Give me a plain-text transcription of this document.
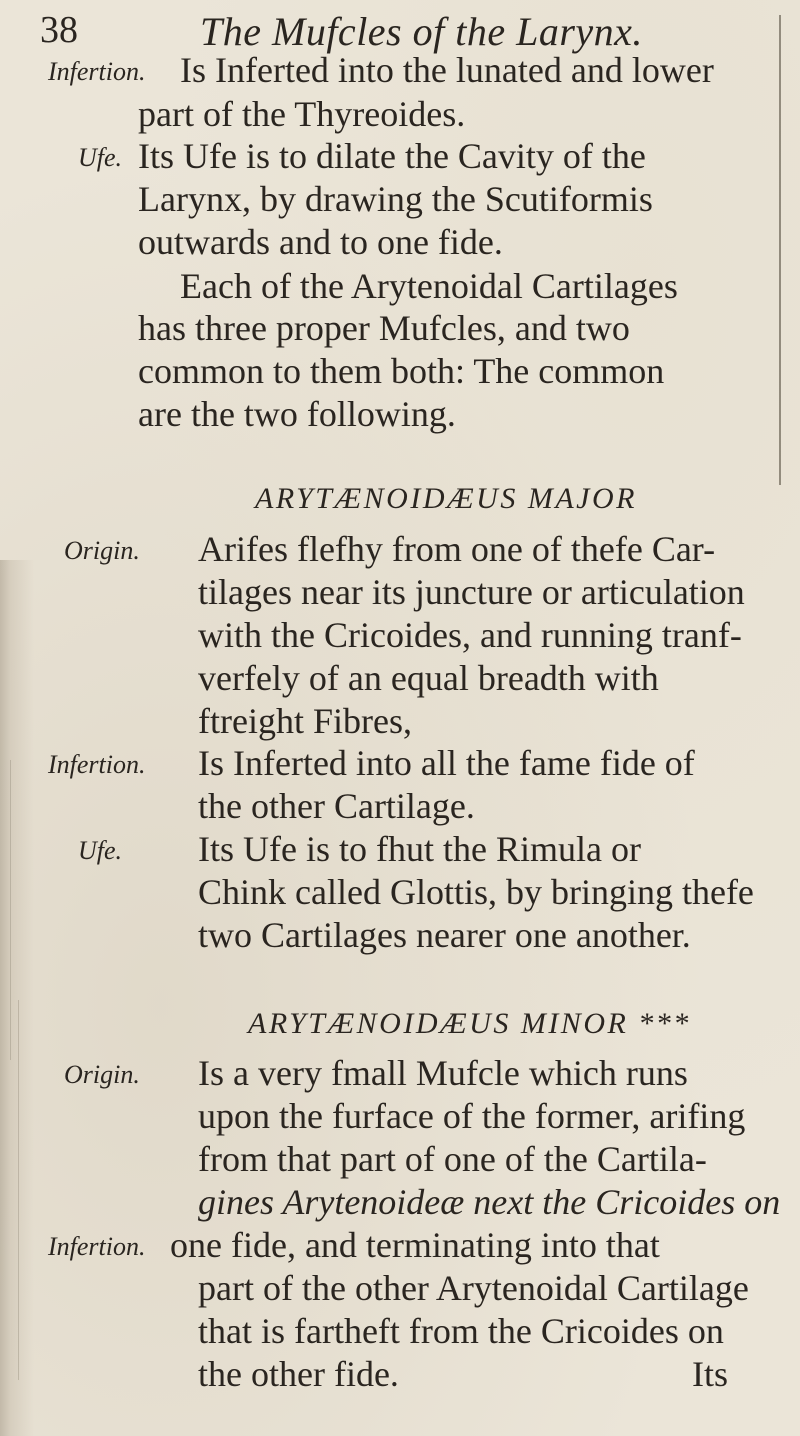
38	The Mufcles of the Larynx.
Infertion. Is Inferted into the lunated and lower
part of the Thyreoides.
Ufe. Its Ufe is to dilate the Cavity of the
Larynx, by drawing the Scutiformis
outwards and to one fide.
Each of the Arytenoidal Cartilages
has three proper Mufcles, and two
common to them both: The common
are the two following.
ARYTÆNOIDÆUS MAJOR
Origin. Arifes flefhy from one of thefe Car-
tilages near its juncture or articulation
with the Cricoides, and running tranf-
verfely of an equal breadth with
ftreight Fibres,
Infertion. Is Inferted into all the fame fide of
the other Cartilage.
Ufe. Its Ufe is to fhut the Rimula or
Chink called Glottis, by bringing thefe
two Cartilages nearer one another.
ARYTÆNOIDÆUS MINOR ***
Origin. Is a very fmall Mufcle which runs
upon the furface of the former, arifing
from that part of one of the Cartila-
gines Arytenoideæ next the Cricoides on
Infertion. one fide, and terminating into that
part of the other Arytenoidal Cartilage
that is fartheft from the Cricoides on
the other fide.	Its
